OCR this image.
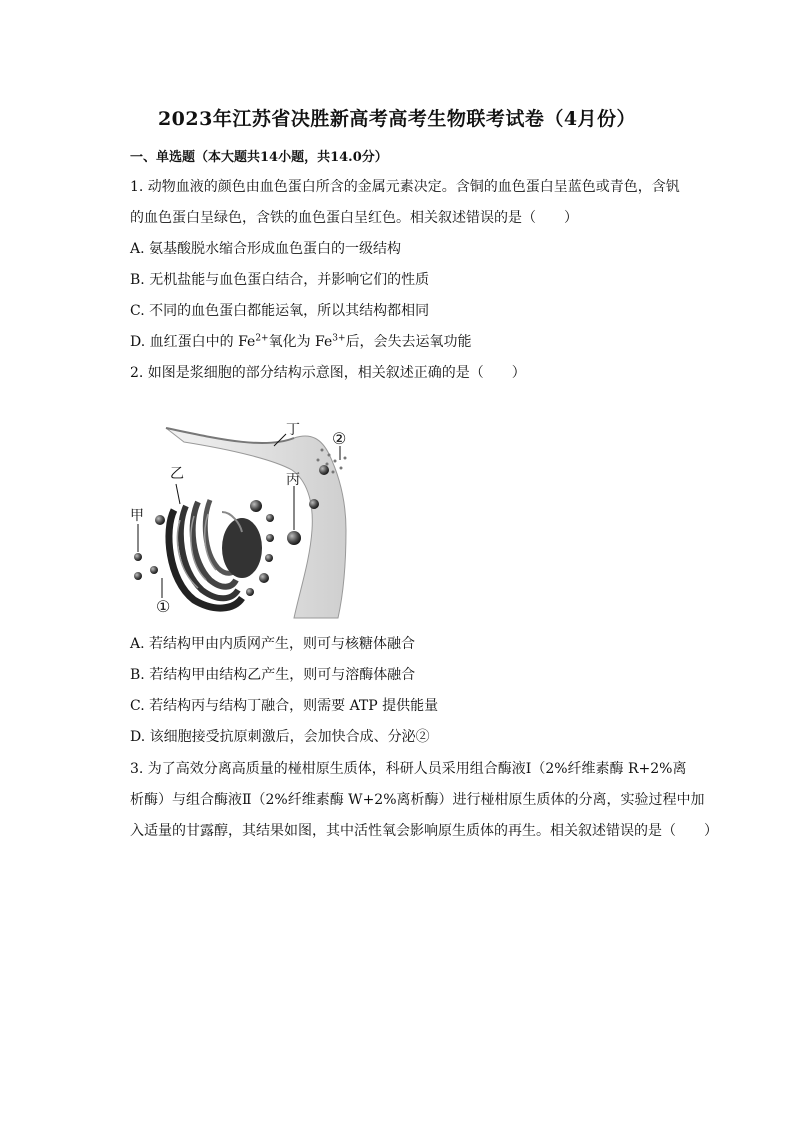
2023年江苏省决胜新高考高考生物联考试卷（4月份）
一、单选题（本大题共14小题，共14.0分）
1. 动物血液的颜色由血色蛋白所含的金属元素决定。含铜的血色蛋白呈蓝色或青色，含钒
的血色蛋白呈绿色，含铁的血色蛋白呈红色。相关叙述错误的是（　　）
A. 氨基酸脱水缩合形成血色蛋白的一级结构
B. 无机盐能与血色蛋白结合，并影响它们的性质
C. 不同的血色蛋白都能运氧，所以其结构都相同
D. 血红蛋白中的 $Fe^{2+}$氧化为 $Fe^{3+}$后，会失去运氧功能
2. 如图是浆细胞的部分结构示意图，相关叙述正确的是（　　）
甲
乙	丙
丁
①
②
A. 若结构甲由内质网产生，则可与核糖体融合
B. 若结构甲由结构乙产生，则可与溶酶体融合
C. 若结构丙与结构丁融合，则需要 ATP 提供能量
D. 该细胞接受抗原刺激后，会加快合成、分泌②
3. 为了高效分离高质量的椪柑原生质体，科研人员采用组合酶液Ⅰ（2%纤维素酶 R+2%离
析酶）与组合酶液Ⅱ（2%纤维素酶 W+2%离析酶）进行椪柑原生质体的分离，实验过程中加
入适量的甘露醇，其结果如图，其中活性氧会影响原生质体的再生。相关叙述错误的是（　　）
